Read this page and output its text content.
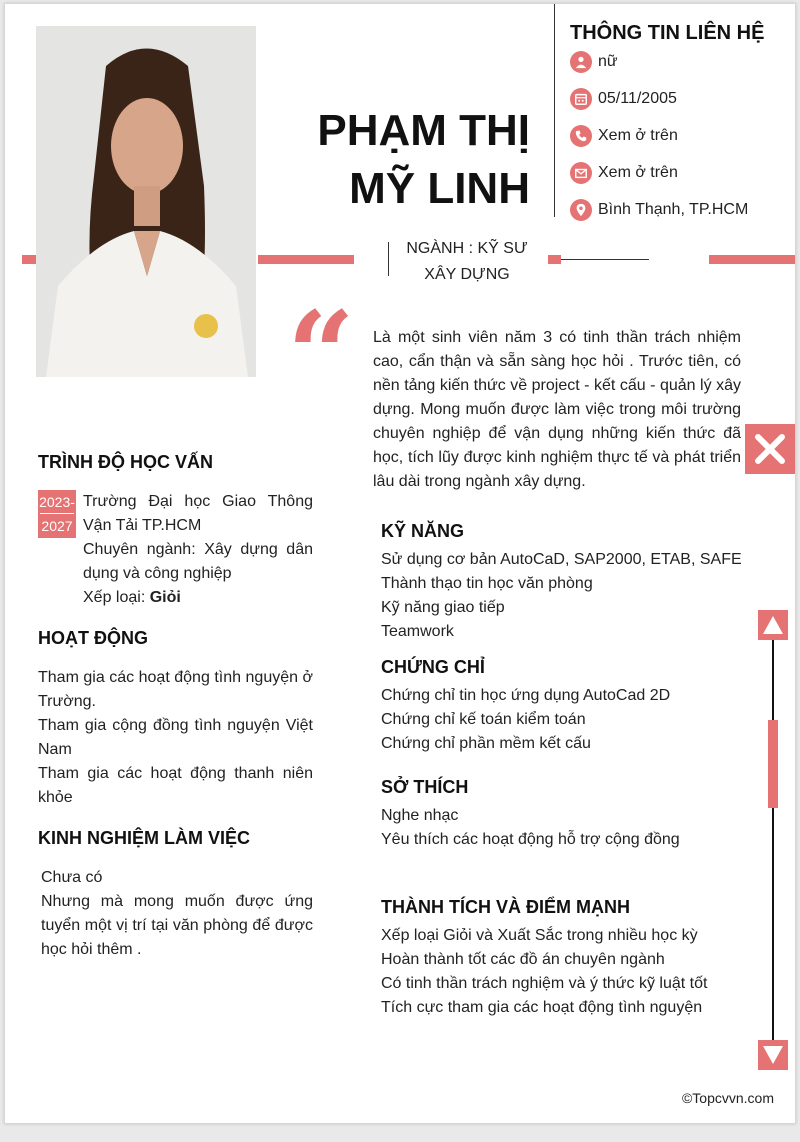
PHẠM THỊ
MỸ LINH
THÔNG TIN LIÊN HỆ
nữ
05/11/2005
Xem ở trên
Xem ở trên
Bình Thạnh, TP.HCM
NGÀNH : KỸ SƯ
XÂY DỰNG
“ Là một sinh viên năm 3 có tinh thần trách nhiệm cao, cẩn thận và sẵn sàng học hỏi . Trước tiên, có nền tảng kiến thức về project - kết cấu - quản lý xây dựng. Mong muốn được làm việc trong môi trường chuyên nghiệp để vận dụng những kiến thức đã học, tích lũy được kinh nghiệm thực tế và phát triển lâu dài trong ngành xây dựng.
TRÌNH ĐỘ HỌC VẤN
2023-
2027
Trường Đại học Giao Thông Vận Tải TP.HCM
Chuyên ngành: Xây dựng dân dụng và công nghiệp
Xếp loại: Giỏi
HOẠT ĐỘNG
Tham gia các hoạt động tình nguyện ở Trường.
Tham gia cộng đồng tình nguyện Việt Nam
Tham gia các hoạt động thanh niên khỏe
KINH NGHIỆM LÀM VIỆC
Chưa có
Nhưng mà mong muốn được ứng tuyển một vị trí tại văn phòng để được học hỏi thêm .
KỸ NĂNG
Sử dụng cơ bản AutoCaD, SAP2000, ETAB, SAFE
Thành thạo tin học văn phòng
Kỹ năng giao tiếp
Teamwork
CHỨNG CHỈ
Chứng chỉ tin học ứng dụng AutoCad 2D
Chứng chỉ kế toán kiểm toán
Chứng chỉ phần mềm kết cấu
SỞ THÍCH
Nghe nhạc
Yêu thích các hoạt động hỗ trợ cộng đồng
THÀNH TÍCH VÀ ĐIỂM MẠNH
Xếp loại Giỏi và Xuất Sắc trong nhiều học kỳ
Hoàn thành tốt các đồ án chuyên ngành
Có tinh thần trách nghiệm và ý thức kỹ luật tốt
Tích cực tham gia các hoạt động tình nguyện
©Topcvvn.com
